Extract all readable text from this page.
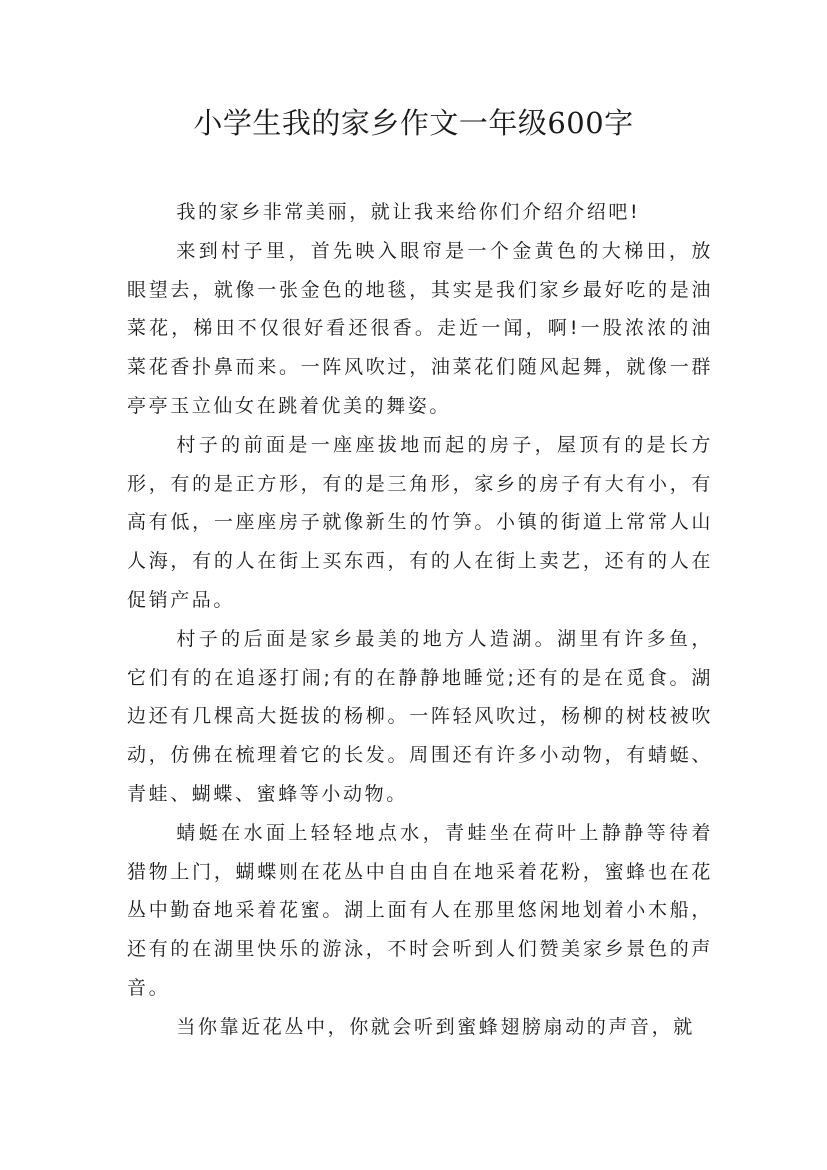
小学生我的家乡作文一年级600字

我的家乡非常美丽，就让我来给你们介绍介绍吧!

来到村子里，首先映入眼帘是一个金黄色的大梯田，放眼望去，就像一张金色的地毯，其实是我们家乡最好吃的是油菜花，梯田不仅很好看还很香。走近一闻，啊!一股浓浓的油菜花香扑鼻而来。一阵风吹过，油菜花们随风起舞，就像一群亭亭玉立仙女在跳着优美的舞姿。

村子的前面是一座座拔地而起的房子，屋顶有的是长方形，有的是正方形，有的是三角形，家乡的房子有大有小，有高有低，一座座房子就像新生的竹笋。小镇的街道上常常人山人海，有的人在街上买东西，有的人在街上卖艺，还有的人在促销产品。

村子的后面是家乡最美的地方人造湖。湖里有许多鱼，它们有的在追逐打闹;有的在静静地睡觉;还有的是在觅食。湖边还有几棵高大挺拔的杨柳。一阵轻风吹过，杨柳的树枝被吹动，仿佛在梳理着它的长发。周围还有许多小动物，有蜻蜓、青蛙、蝴蝶、蜜蜂等小动物。

蜻蜓在水面上轻轻地点水，青蛙坐在荷叶上静静等待着猎物上门，蝴蝶则在花丛中自由自在地采着花粉，蜜蜂也在花丛中勤奋地采着花蜜。湖上面有人在那里悠闲地划着小木船，还有的在湖里快乐的游泳，不时会听到人们赞美家乡景色的声音。

当你靠近花丛中，你就会听到蜜蜂翅膀扇动的声音，就
